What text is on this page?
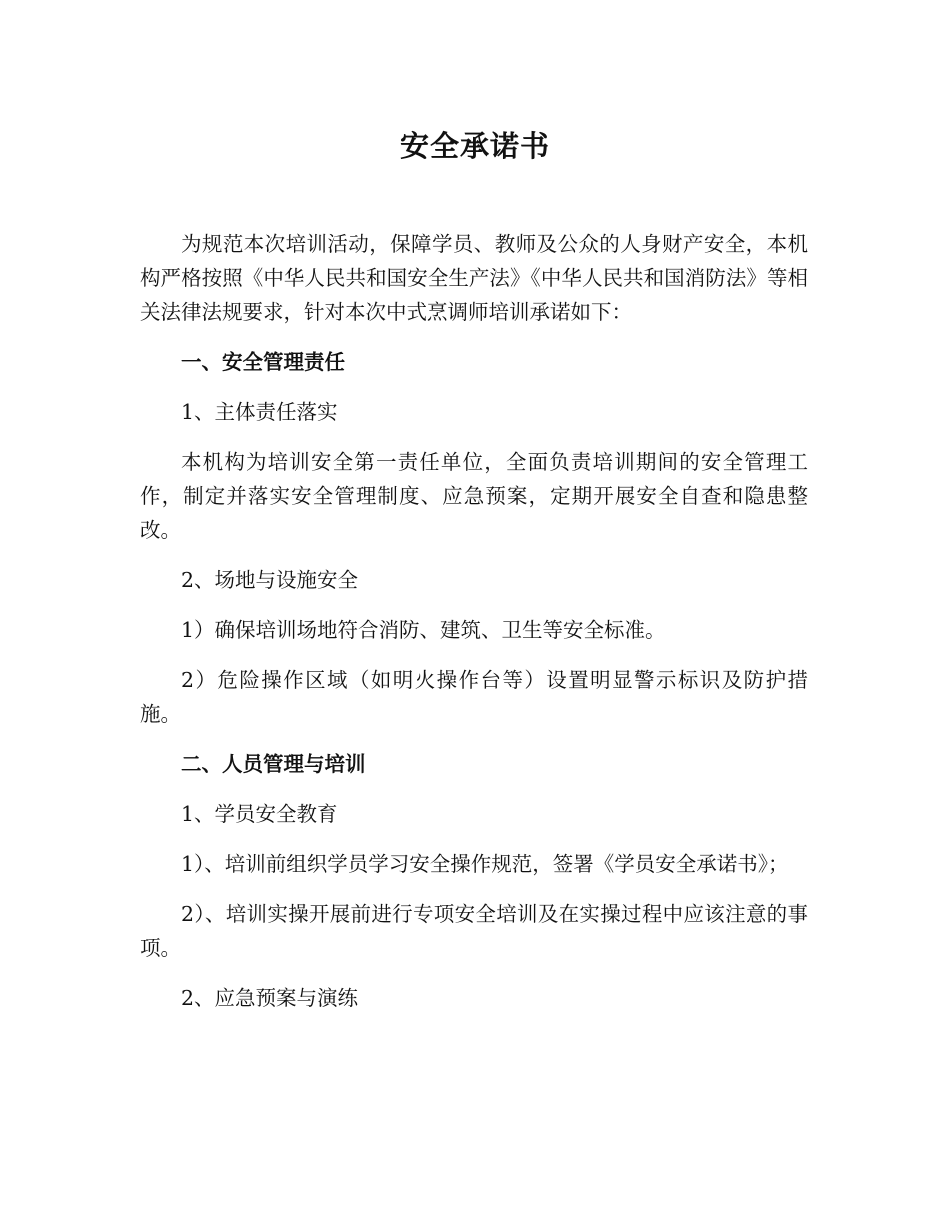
安全承诺书

为规范本次培训活动，保障学员、教师及公众的人身财产安全，本机构严格按照《中华人民共和国安全生产法》《中华人民共和国消防法》等相关法律法规要求，针对本次中式烹调师培训承诺如下：

一、安全管理责任

1、主体责任落实

本机构为培训安全第一责任单位，全面负责培训期间的安全管理工作，制定并落实安全管理制度、应急预案，定期开展安全自查和隐患整改。

2、场地与设施安全

1）确保培训场地符合消防、建筑、卫生等安全标准。

2）危险操作区域（如明火操作台等）设置明显警示标识及防护措施。

二、人员管理与培训

1、学员安全教育

1）、培训前组织学员学习安全操作规范，签署《学员安全承诺书》；

2）、培训实操开展前进行专项安全培训及在实操过程中应该注意的事项。

2、应急预案与演练
